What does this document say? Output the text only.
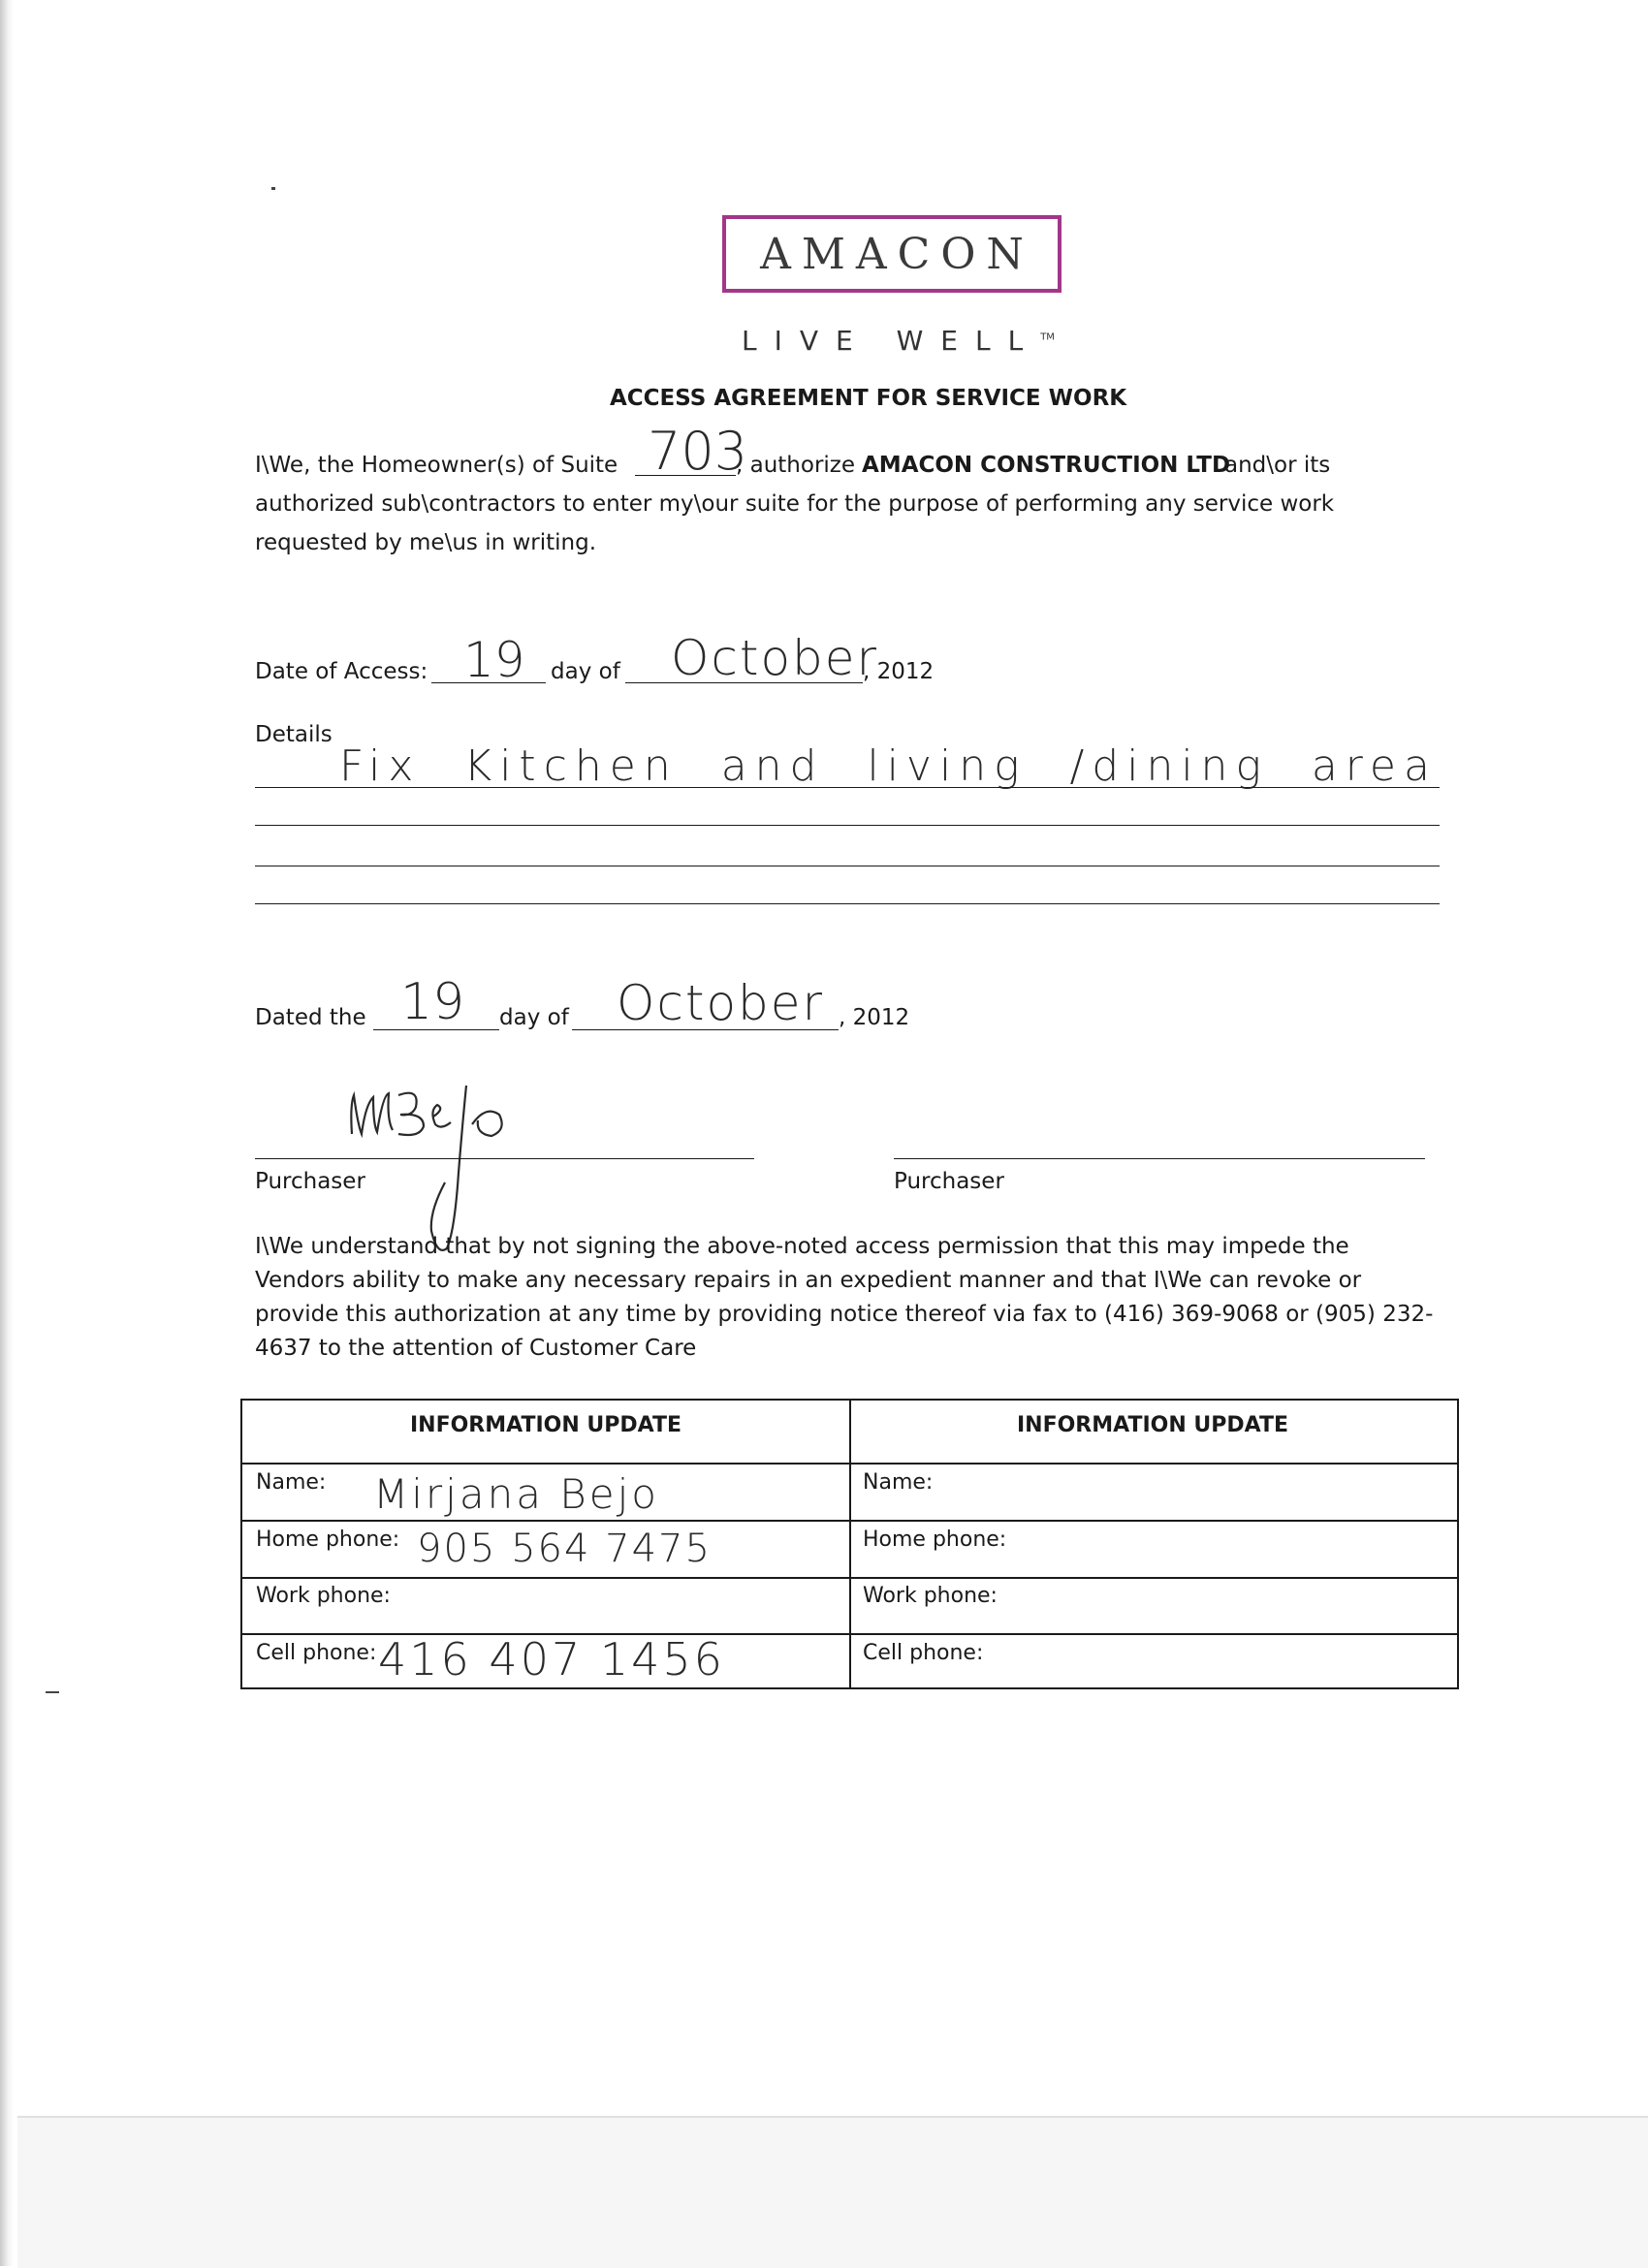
AMACON
LIVE WELL™
ACCESS AGREEMENT FOR SERVICE WORK
I\We, the Homeowner(s) of Suite 703
, authorize AMACON CONSTRUCTION LTD
and\or its
authorized sub\contractors to enter my\our suite for the purpose of performing any service work
requested by me\us in writing.
Date of Access: 19 day of October
, 2012
Details
Fix Kitchen and living /dining area
Dated the 19 day of October , 2012
Purchaser	Purchaser
I\We understand that by not signing the above-noted access permission that this may impede the
Vendors ability to make any necessary repairs in an expedient manner and that I\We can revoke or
provide this authorization at any time by providing notice thereof via fax to (416) 369-9068 or (905) 232-
4637 to the attention of Customer Care
INFORMATION UPDATE
Name: Mirjana Bejo
Home phone: 905 564 7475
Work phone:
Cell phone: 416 407 1456
INFORMATION UPDATE
Name:
Home phone:
Work phone:
Cell phone:
